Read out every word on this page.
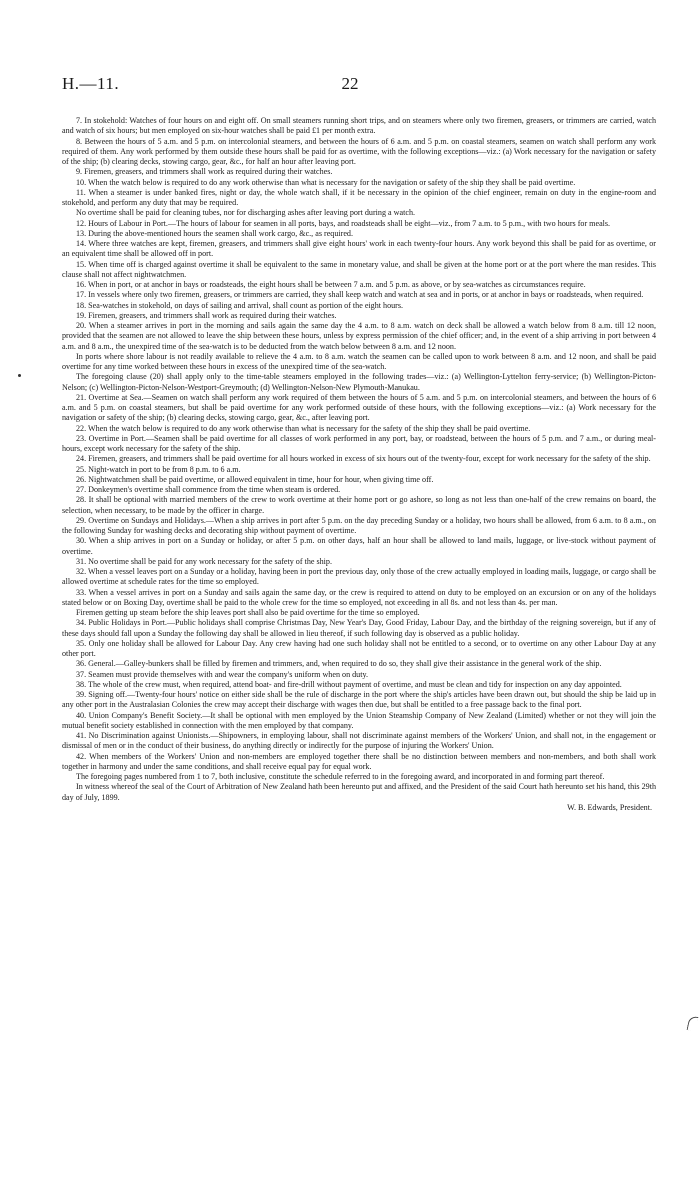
H.—11.	22

7. In stokehold: Watches of four hours on and eight off. On small steamers running short trips, and on steamers where only two firemen, greasers, or trimmers are carried, watch and watch of six hours; but men employed on six-hour watches shall be paid £1 per month extra.

8. Between the hours of 5 a.m. and 5 p.m. on intercolonial steamers, and between the hours of 6 a.m. and 5 p.m. on coastal steamers, seamen on watch shall perform any work required of them. Any work performed by them outside these hours shall be paid for as overtime, with the following exceptions—viz.: (a) Work necessary for the navigation or safety of the ship; (b) clearing decks, stowing cargo, gear, &c., for half an hour after leaving port.

9. Firemen, greasers, and trimmers shall work as required during their watches.

10. When the watch below is required to do any work otherwise than what is necessary for the navigation or safety of the ship they shall be paid overtime.

11. When a steamer is under banked fires, night or day, the whole watch shall, if it be necessary in the opinion of the chief engineer, remain on duty in the engine-room and stokehold, and perform any duty that may be required.

No overtime shall be paid for cleaning tubes, nor for discharging ashes after leaving port during a watch.

12. Hours of Labour in Port.—The hours of labour for seamen in all ports, bays, and roadsteads shall be eight—viz., from 7 a.m. to 5 p.m., with two hours for meals.

13. During the above-mentioned hours the seamen shall work cargo, &c., as required.

14. Where three watches are kept, firemen, greasers, and trimmers shall give eight hours' work in each twenty-four hours. Any work beyond this shall be paid for as overtime, or an equivalent time shall be allowed off in port.

15. When time off is charged against overtime it shall be equivalent to the same in monetary value, and shall be given at the home port or at the port where the man resides. This clause shall not affect nightwatchmen.

16. When in port, or at anchor in bays or roadsteads, the eight hours shall be between 7 a.m. and 5 p.m. as above, or by sea-watches as circumstances require.

17. In vessels where only two firemen, greasers, or trimmers are carried, they shall keep watch and watch at sea and in ports, or at anchor in bays or roadsteads, when required.

18. Sea-watches in stokehold, on days of sailing and arrival, shall count as portion of the eight hours.

19. Firemen, greasers, and trimmers shall work as required during their watches.

20. When a steamer arrives in port in the morning and sails again the same day the 4 a.m. to 8 a.m. watch on deck shall be allowed a watch below from 8 a.m. till 12 noon, provided that the seamen are not allowed to leave the ship between these hours, unless by express permission of the chief officer; and, in the event of a ship arriving in port between 4 a.m. and 8 a.m., the unexpired time of the sea-watch is to be deducted from the watch below between 8 a.m. and 12 noon.

In ports where shore labour is not readily available to relieve the 4 a.m. to 8 a.m. watch the seamen can be called upon to work between 8 a.m. and 12 noon, and shall be paid overtime for any time worked between these hours in excess of the unexpired time of the sea-watch.

The foregoing clause (20) shall apply only to the time-table steamers employed in the following trades—viz.: (a) Wellington-Lyttelton ferry-service; (b) Wellington-Picton-Nelson; (c) Wellington-Picton-Nelson-Westport-Greymouth; (d) Wellington-Nelson-New Plymouth-Manukau.

21. Overtime at Sea.—Seamen on watch shall perform any work required of them between the hours of 5 a.m. and 5 p.m. on intercolonial steamers, and between the hours of 6 a.m. and 5 p.m. on coastal steamers, but shall be paid overtime for any work performed outside of these hours, with the following exceptions—viz.: (a) Work necessary for the navigation or safety of the ship; (b) clearing decks, stowing cargo, gear, &c., after leaving port.

22. When the watch below is required to do any work otherwise than what is necessary for the safety of the ship they shall be paid overtime.

23. Overtime in Port.—Seamen shall be paid overtime for all classes of work performed in any port, bay, or roadstead, between the hours of 5 p.m. and 7 a.m., or during meal-hours, except work necessary for the safety of the ship.

24. Firemen, greasers, and trimmers shall be paid overtime for all hours worked in excess of six hours out of the twenty-four, except for work necessary for the safety of the ship.

25. Night-watch in port to be from 8 p.m. to 6 a.m.

26. Nightwatchmen shall be paid overtime, or allowed equivalent in time, hour for hour, when giving time off.

27. Donkeymen's overtime shall commence from the time when steam is ordered.

28. It shall be optional with married members of the crew to work overtime at their home port or go ashore, so long as not less than one-half of the crew remains on board, the selection, when necessary, to be made by the officer in charge.

29. Overtime on Sundays and Holidays.—When a ship arrives in port after 5 p.m. on the day preceding Sunday or a holiday, two hours shall be allowed, from 6 a.m. to 8 a.m., on the following Sunday for washing decks and decorating ship without payment of overtime.

30. When a ship arrives in port on a Sunday or holiday, or after 5 p.m. on other days, half an hour shall be allowed to land mails, luggage, or live-stock without payment of overtime.

31. No overtime shall be paid for any work necessary for the safety of the ship.

32. When a vessel leaves port on a Sunday or a holiday, having been in port the previous day, only those of the crew actually employed in loading mails, luggage, or cargo shall be allowed overtime at schedule rates for the time so employed.

33. When a vessel arrives in port on a Sunday and sails again the same day, or the crew is required to attend on duty to be employed on an excursion or on any of the holidays stated below or on Boxing Day, overtime shall be paid to the whole crew for the time so employed, not exceeding in all 8s. and not less than 4s. per man.

Firemen getting up steam before the ship leaves port shall also be paid overtime for the time so employed.

34. Public Holidays in Port.—Public holidays shall comprise Christmas Day, New Year's Day, Good Friday, Labour Day, and the birthday of the reigning sovereign, but if any of these days should fall upon a Sunday the following day shall be allowed in lieu thereof, if such following day is observed as a public holiday.

35. Only one holiday shall be allowed for Labour Day. Any crew having had one such holiday shall not be entitled to a second, or to overtime on any other Labour Day at any other port.

36. General.—Galley-bunkers shall be filled by firemen and trimmers, and, when required to do so, they shall give their assistance in the general work of the ship.

37. Seamen must provide themselves with and wear the company's uniform when on duty.

38. The whole of the crew must, when required, attend boat- and fire-drill without payment of overtime, and must be clean and tidy for inspection on any day appointed.

39. Signing off.—Twenty-four hours' notice on either side shall be the rule of discharge in the port where the ship's articles have been drawn out, but should the ship be laid up in any other port in the Australasian Colonies the crew may accept their discharge with wages then due, but shall be entitled to a free passage back to the final port.

40. Union Company's Benefit Society.—It shall be optional with men employed by the Union Steamship Company of New Zealand (Limited) whether or not they will join the mutual benefit society established in connection with the men employed by that company.

41. No Discrimination against Unionists.—Shipowners, in employing labour, shall not discriminate against members of the Workers' Union, and shall not, in the engagement or dismissal of men or in the conduct of their business, do anything directly or indirectly for the purpose of injuring the Workers' Union.

42. When members of the Workers' Union and non-members are employed together there shall be no distinction between members and non-members, and both shall work together in harmony and under the same conditions, and shall receive equal pay for equal work.

The foregoing pages numbered from 1 to 7, both inclusive, constitute the schedule referred to in the foregoing award, and incorporated in and forming part thereof.

In witness whereof the seal of the Court of Arbitration of New Zealand hath been hereunto put and affixed, and the President of the said Court hath hereunto set his hand, this 29th day of July, 1899.

W. B. Edwards, President.
